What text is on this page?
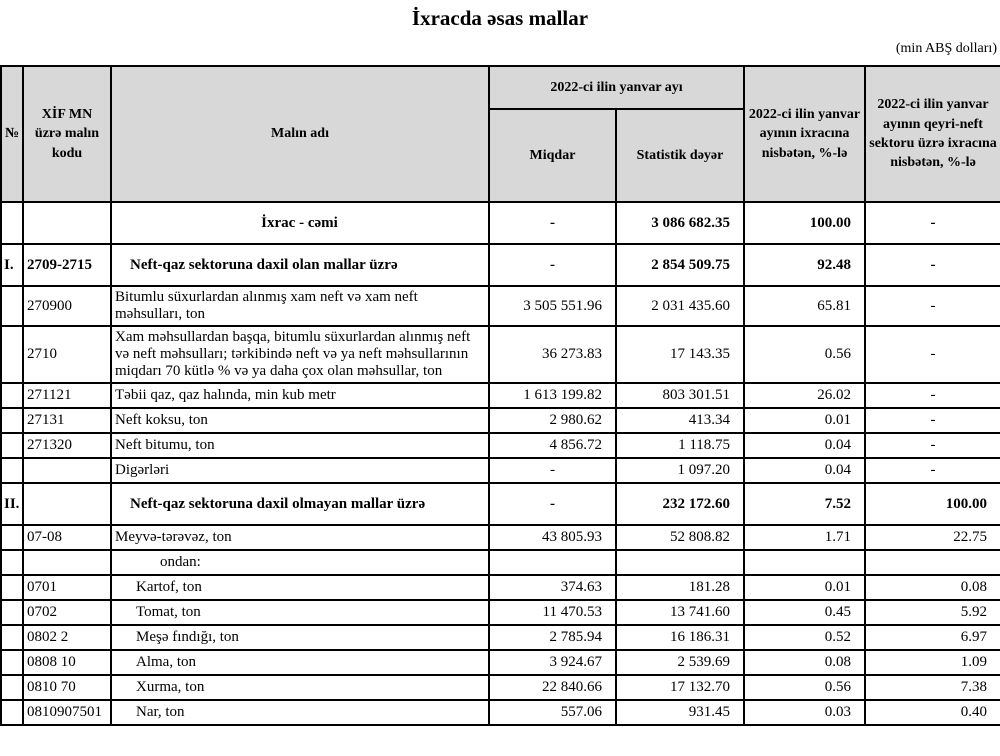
İxracda əsas mallar
(min ABŞ dolları)
№	XİF MN üzrə malın kodu	Malın adı	2022-ci ilin yanvar ayı		2022-ci ilin yanvar ayının ixracına nisbətən, %-lə	2022-ci ilin yanvar ayının qeyri-neft sektoru üzrə ixracına nisbətən, %-lə
			Miqdar	Statistik dəyər		
		İxrac - cəmi	-	3 086 682.35	100.00	-
I.	2709-2715	Neft-qaz sektoruna daxil olan mallar üzrə	-	2 854 509.75	92.48	-
	270900	Bitumlu süxurlardan alınmış xam neft və xam neft məhsulları, ton	3 505 551.96	2 031 435.60	65.81	-
	2710	Xam məhsullardan başqa, bitumlu süxurlardan alınmış neft və neft məhsulları; tərkibində neft və ya neft məhsullarının miqdarı 70 kütlə % və ya daha çox olan məhsullar, ton	36 273.83	17 143.35	0.56	-
	271121	Təbii qaz, qaz halında, min kub metr	1 613 199.82	803 301.51	26.02	-
	27131	Neft koksu, ton	2 980.62	413.34	0.01	-
	271320	Neft bitumu, ton	4 856.72	1 118.75	0.04	-
		Digərləri	-	1 097.20	0.04	-
II.		Neft-qaz sektoruna daxil olmayan mallar üzrə	-	232 172.60	7.52	100.00
	07-08	Meyvə-tərəvəz, ton	43 805.93	52 808.82	1.71	22.75
		ondan:				
	0701	Kartof, ton	374.63	181.28	0.01	0.08
	0702	Tomat, ton	11 470.53	13 741.60	0.45	5.92
	0802 2	Meşə fındığı, ton	2 785.94	16 186.31	0.52	6.97
	0808 10	Alma, ton	3 924.67	2 539.69	0.08	1.09
	0810 70	Xurma, ton	22 840.66	17 132.70	0.56	7.38
	0810907501	Nar, ton	557.06	931.45	0.03	0.40
